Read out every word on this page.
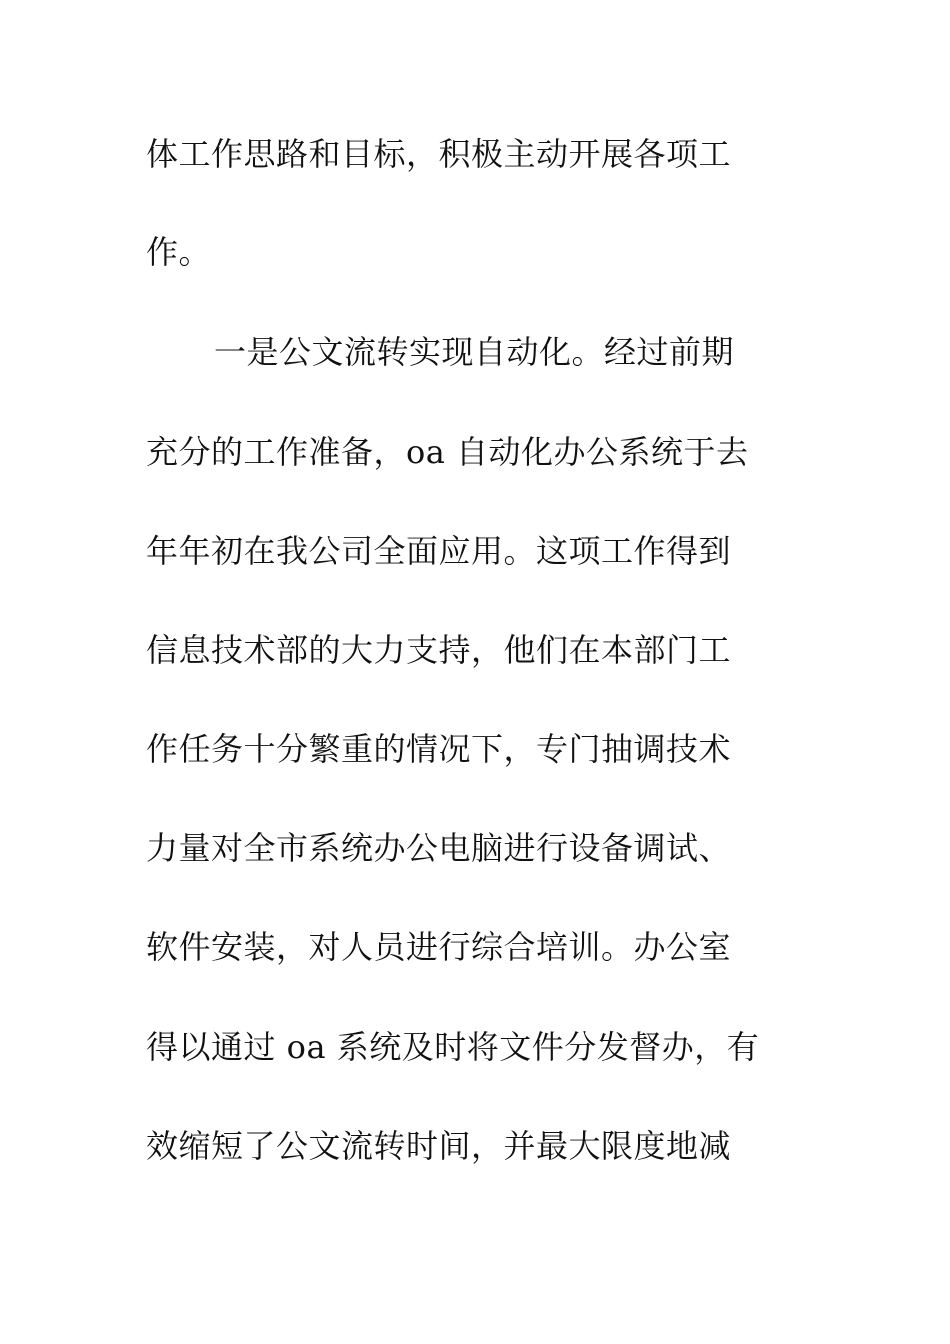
体工作思路和目标，积极主动开展各项工
作。
一是公文流转实现自动化。经过前期
充分的工作准备，oa 自动化办公系统于去
年年初在我公司全面应用。这项工作得到
信息技术部的大力支持，他们在本部门工
作任务十分繁重的情况下，专门抽调技术
力量对全市系统办公电脑进行设备调试、
软件安装，对人员进行综合培训。办公室
得以通过 oa 系统及时将文件分发督办，有
效缩短了公文流转时间，并最大限度地减
